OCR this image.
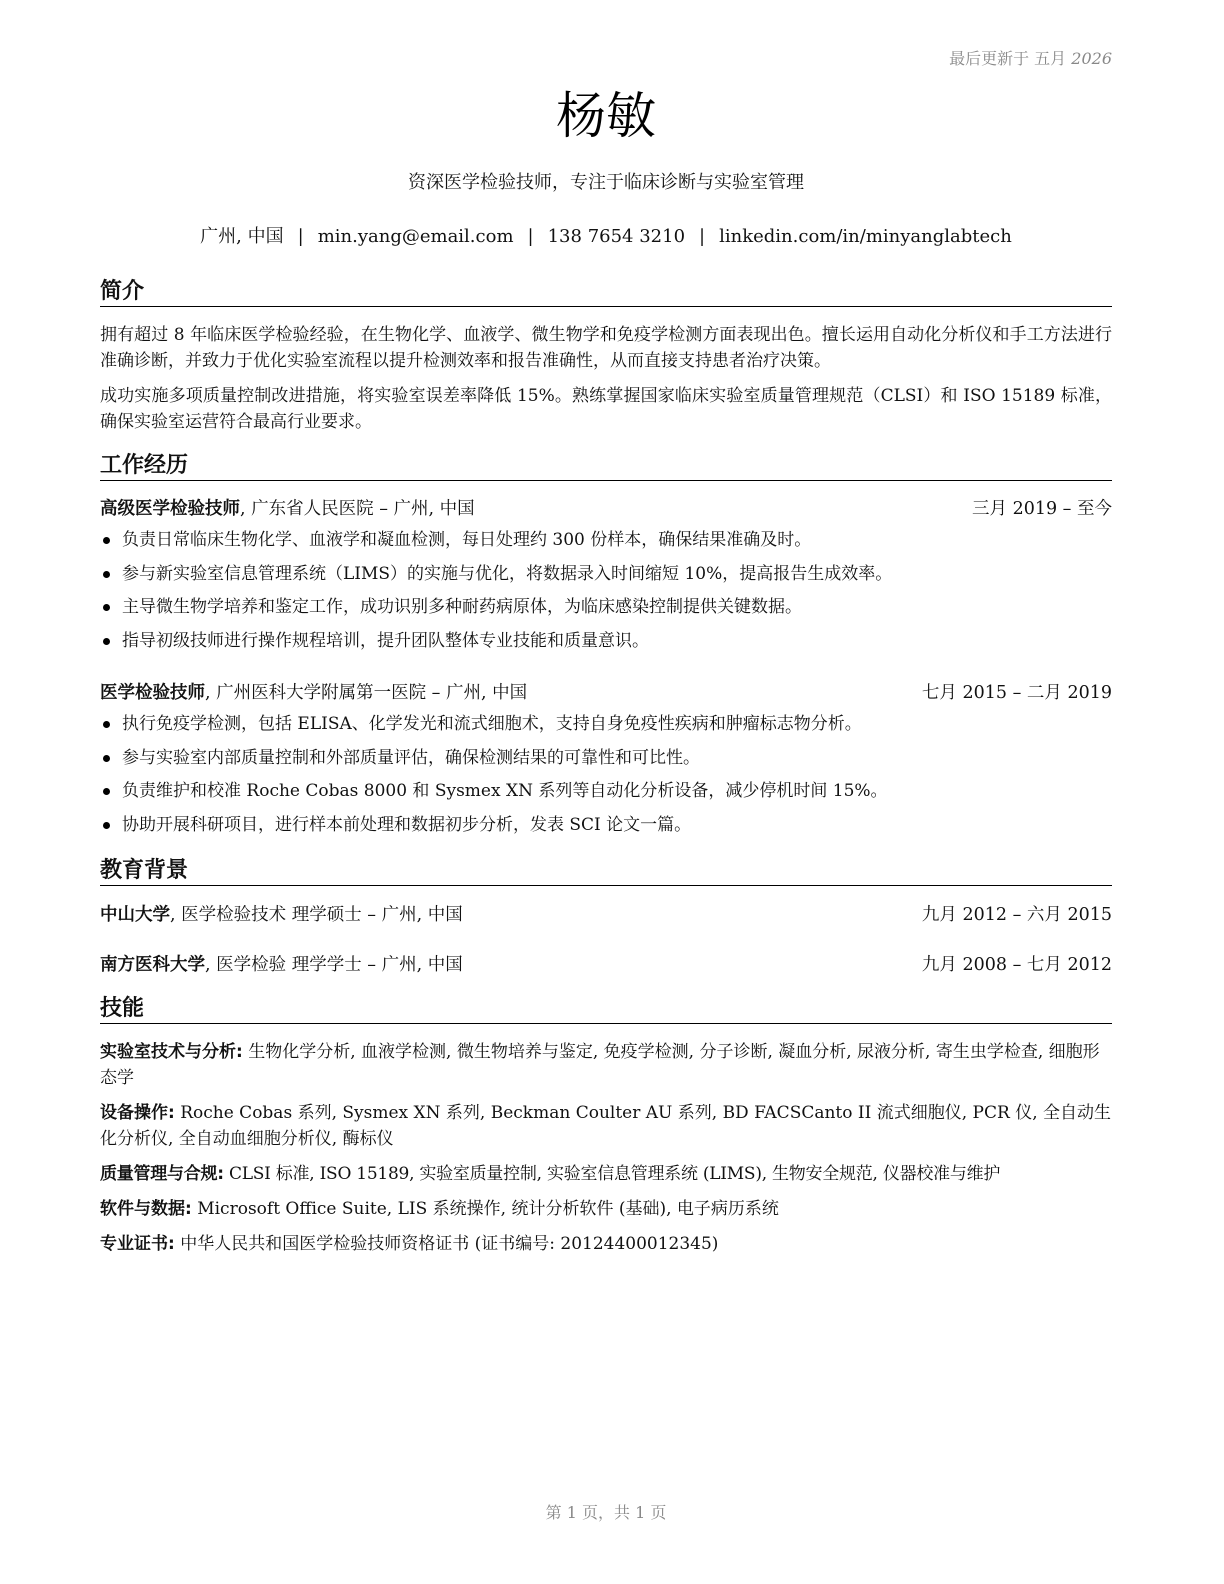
最后更新于 五月 2026
杨敏
资深医学检验技师，专注于临床诊断与实验室管理
广州, 中国 | min.yang@email.com | 138 7654 3210 | linkedin.com/in/minyanglabtech
简介
拥有超过 8 年临床医学检验经验，在生物化学、血液学、微生物学和免疫学检测方面表现出色。擅长运用自动化分析仪和手工方法进行准确诊断，并致力于优化实验室流程以提升检测效率和报告准确性，从而直接支持患者治疗决策。
成功实施多项质量控制改进措施，将实验室误差率降低 15%。熟练掌握国家临床实验室质量管理规范（CLSI）和 ISO 15189 标准，确保实验室运营符合最高行业要求。
工作经历
高级医学检验技师, 广东省人民医院 – 广州, 中国	三月 2019 – 至今
负责日常临床生物化学、血液学和凝血检测，每日处理约 300 份样本，确保结果准确及时。
参与新实验室信息管理系统（LIMS）的实施与优化，将数据录入时间缩短 10%，提高报告生成效率。
主导微生物学培养和鉴定工作，成功识别多种耐药病原体，为临床感染控制提供关键数据。
指导初级技师进行操作规程培训，提升团队整体专业技能和质量意识。
医学检验技师, 广州医科大学附属第一医院 – 广州, 中国	七月 2015 – 二月 2019
执行免疫学检测，包括 ELISA、化学发光和流式细胞术，支持自身免疫性疾病和肿瘤标志物分析。
参与实验室内部质量控制和外部质量评估，确保检测结果的可靠性和可比性。
负责维护和校准 Roche Cobas 8000 和 Sysmex XN 系列等自动化分析设备，减少停机时间 15%。
协助开展科研项目，进行样本前处理和数据初步分析，发表 SCI 论文一篇。
教育背景
中山大学, 医学检验技术 理学硕士 – 广州, 中国	九月 2012 – 六月 2015
南方医科大学, 医学检验 理学学士 – 广州, 中国	九月 2008 – 七月 2012
技能
实验室技术与分析: 生物化学分析, 血液学检测, 微生物培养与鉴定, 免疫学检测, 分子诊断, 凝血分析, 尿液分析, 寄生虫学检查, 细胞形态学
设备操作: Roche Cobas 系列, Sysmex XN 系列, Beckman Coulter AU 系列, BD FACSCanto II 流式细胞仪, PCR 仪, 全自动生化分析仪, 全自动血细胞分析仪, 酶标仪
质量管理与合规: CLSI 标准, ISO 15189, 实验室质量控制, 实验室信息管理系统 (LIMS), 生物安全规范, 仪器校准与维护
软件与数据: Microsoft Office Suite, LIS 系统操作, 统计分析软件 (基础), 电子病历系统
专业证书: 中华人民共和国医学检验技师资格证书 (证书编号: 20124400012345)
第 1 页，共 1 页
